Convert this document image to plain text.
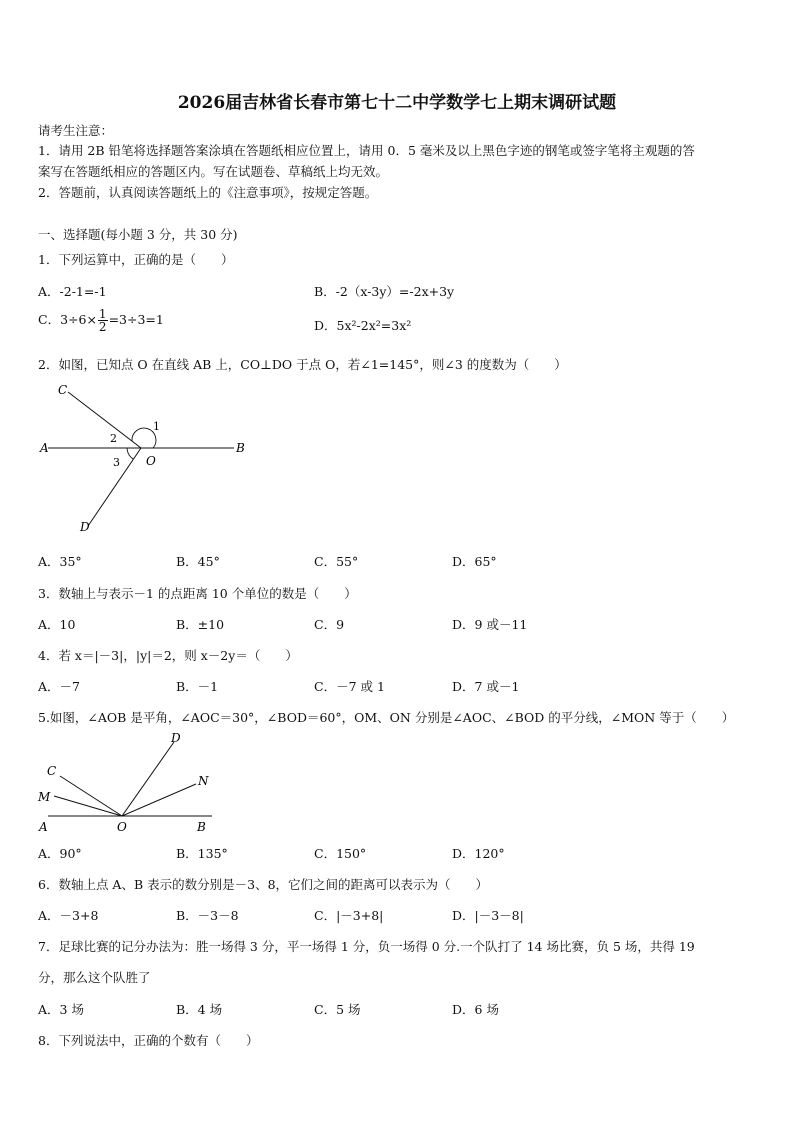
2026届吉林省长春市第七十二中学数学七上期末调研试题
请考生注意：
1．请用 2B 铅笔将选择题答案涂填在答题纸相应位置上，请用 0．5 毫米及以上黑色字迹的钢笔或签字笔将主观题的答
案写在答题纸相应的答题区内。写在试题卷、草稿纸上均无效。
2．答题前，认真阅读答题纸上的《注意事项》，按规定答题。
一、选择题(每小题 3 分，共 30 分)
1．下列运算中，正确的是（　　）
A．-2-1=-1	B．-2（x-3y）=-2x+3y
C．$3\div 6\times \frac{1}{2} =3\div 3=1$	D．5x²-2x²=3x²
2．如图，已知点 O 在直线 AB 上，CO⊥DO 于点 O，若∠1=145°，则∠3 的度数为（　　）
C
A	B
O
D
1
2
3
A．35°	B．45°	C．55°	D．65°
3．数轴上与表示－1 的点距离 10 个单位的数是（　　）
A．10	B．±10	C．9	D．9 或－11
4．若 x＝|－3|，|y|＝2，则 x－2y＝（　　）
A．－7	B．－1	C．－7 或 1	D．7 或－1
5.如图，∠AOB 是平角，∠AOC＝30°，∠BOD＝60°，OM、ON 分别是∠AOC、∠BOD 的平分线，∠MON 等于（　　）
D
C
N
M
A	O	B
A．90°	B．135°	C．150°	D．120°
6．数轴上点 A、B 表示的数分别是－3、8，它们之间的距离可以表示为（　　）
A．－3+8	B．－3－8	C．|－3+8|	D．|－3－8|
7．足球比赛的记分办法为：胜一场得 3 分，平一场得 1 分，负一场得 0 分.一个队打了 14 场比赛，负 5 场，共得 19
分，那么这个队胜了
A．3 场	B．4 场	C．5 场	D．6 场
8．下列说法中，正确的个数有（　　）
